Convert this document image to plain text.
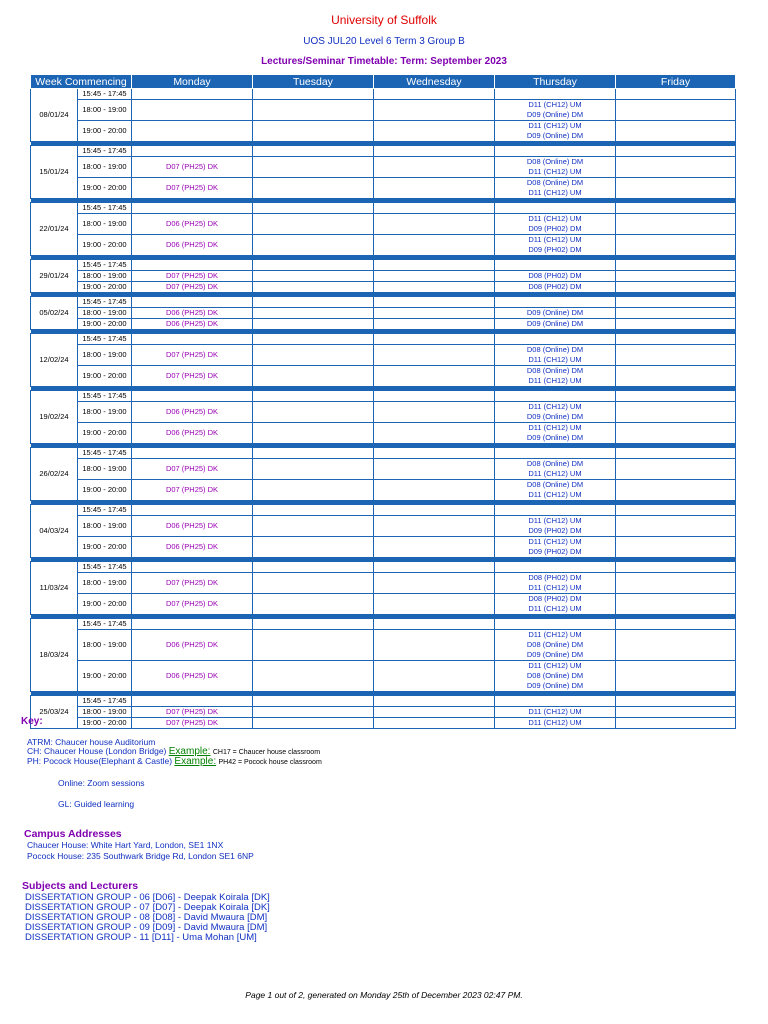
University of Suffolk
UOS JUL20 Level 6 Term 3 Group B
Lectures/Seminar Timetable: Term: September 2023
Week Commencing		Monday	Tuesday	Wednesday	Thursday	Friday
08/01/24	15:45 - 17:45					
	18:00 - 19:00				D11 (CH12) UM
D09 (Online) DM	

	19:00 - 20:00				D11 (CH12) UM
D09 (Online) DM	

15/01/24	15:45 - 17:45					
	18:00 - 19:00	D07 (PH25) DK			D08 (Online) DM
D11 (CH12) UM	

	19:00 - 20:00	D07 (PH25) DK			D08 (Online) DM
D11 (CH12) UM	

22/01/24	15:45 - 17:45					
	18:00 - 19:00	D06 (PH25) DK			D11 (CH12) UM
D09 (PH02) DM	

	19:00 - 20:00	D06 (PH25) DK			D11 (CH12) UM
D09 (PH02) DM	

29/01/24	15:45 - 17:45					
	18:00 - 19:00	D07 (PH25) DK			D08 (PH02) DM	

	19:00 - 20:00	D07 (PH25) DK			D08 (PH02) DM	

05/02/24	15:45 - 17:45					
	18:00 - 19:00	D06 (PH25) DK			D09 (Online) DM	

	19:00 - 20:00	D06 (PH25) DK			D09 (Online) DM	

12/02/24	15:45 - 17:45					
	18:00 - 19:00	D07 (PH25) DK			D08 (Online) DM
D11 (CH12) UM	

	19:00 - 20:00	D07 (PH25) DK			D08 (Online) DM
D11 (CH12) UM	

19/02/24	15:45 - 17:45					
	18:00 - 19:00	D06 (PH25) DK			D11 (CH12) UM
D09 (Online) DM	

	19:00 - 20:00	D06 (PH25) DK			D11 (CH12) UM
D09 (Online) DM	

26/02/24	15:45 - 17:45					
	18:00 - 19:00	D07 (PH25) DK			D08 (Online) DM
D11 (CH12) UM	

	19:00 - 20:00	D07 (PH25) DK			D08 (Online) DM
D11 (CH12) UM	

04/03/24	15:45 - 17:45					
	18:00 - 19:00	D06 (PH25) DK			D11 (CH12) UM
D09 (PH02) DM	

	19:00 - 20:00	D06 (PH25) DK			D11 (CH12) UM
D09 (PH02) DM	

11/03/24	15:45 - 17:45					
	18:00 - 19:00	D07 (PH25) DK			D08 (PH02) DM
D11 (CH12) UM	

	19:00 - 20:00	D07 (PH25) DK			D08 (PH02) DM
D11 (CH12) UM	

18/03/24	15:45 - 17:45					
	18:00 - 19:00	D06 (PH25) DK			D11 (CH12) UM
D08 (Online) DM
D09 (Online) DM	

	19:00 - 20:00	D06 (PH25) DK			D11 (CH12) UM
D08 (Online) DM
D09 (Online) DM	

25/03/24	15:45 - 17:45					
	18:00 - 19:00	D07 (PH25) DK			D11 (CH12) UM	

	19:00 - 20:00	D07 (PH25) DK			D11 (CH12) UM	

Key:
ATRM: Chaucer house Auditorium
CH: Chaucer House (London Bridge) Example: CH17 = Chaucer house classroom
PH: Pocock House(Elephant & Castle) Example: PH42 = Pocock house classroom
Online: Zoom sessions
GL: Guided learning
Campus Addresses
Chaucer House: White Hart Yard, London, SE1 1NX
Pocock House: 235 Southwark Bridge Rd, London SE1 6NP
Subjects and Lecturers
DISSERTATION GROUP - 06 [D06] - Deepak Koirala [DK]
DISSERTATION GROUP - 07 [D07] - Deepak Koirala [DK]
DISSERTATION GROUP - 08 [D08] - David Mwaura [DM]
DISSERTATION GROUP - 09 [D09] - David Mwaura [DM]
DISSERTATION GROUP - 11 [D11] - Uma Mohan [UM]
Page 1 out of 2, generated on Monday 25th of December 2023 02:47 PM.
